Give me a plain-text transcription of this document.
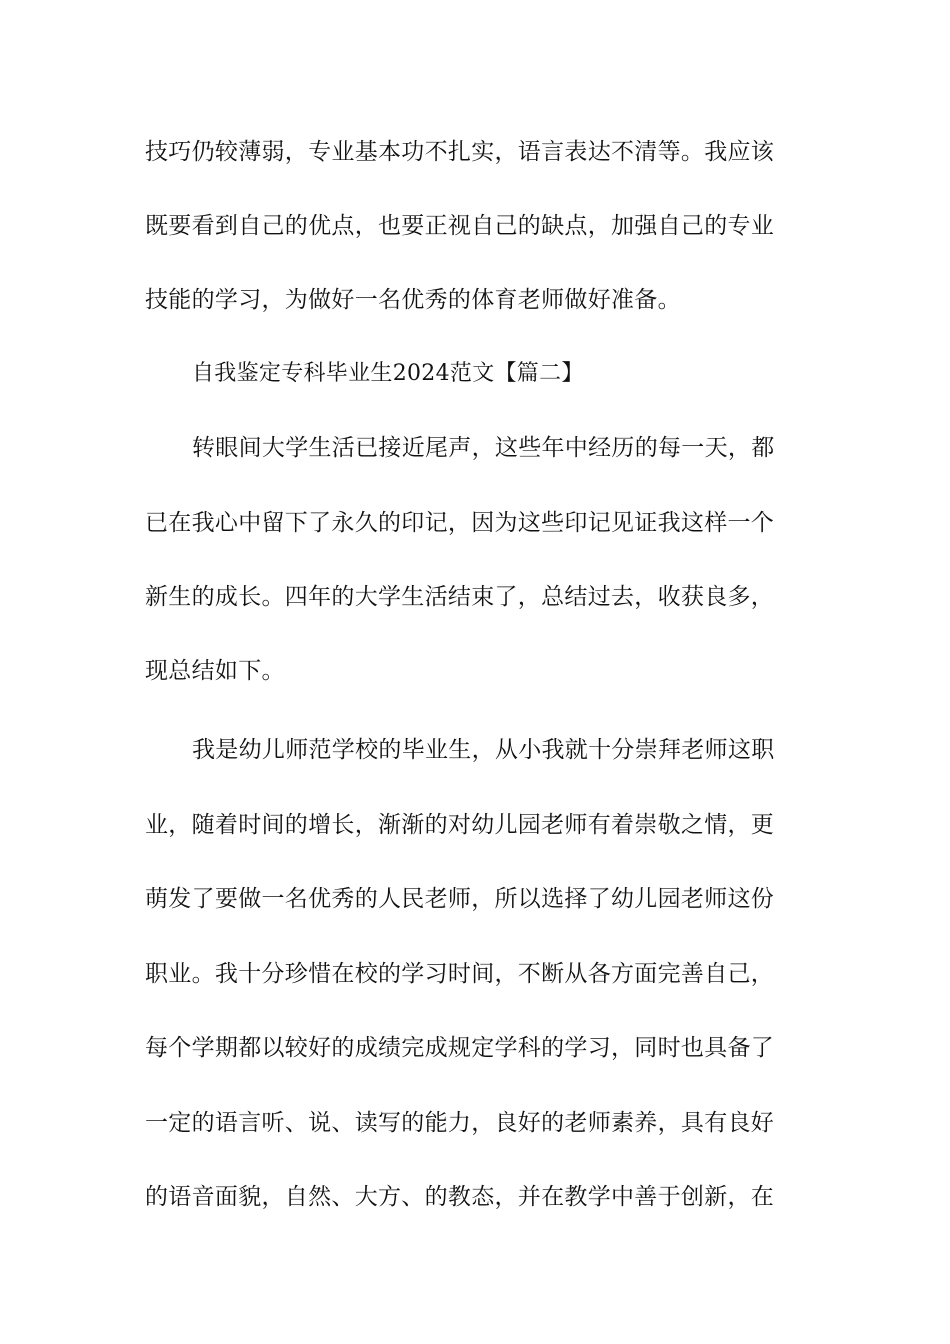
技巧仍较薄弱，专业基本功不扎实，语言表达不清等。我应该
既要看到自己的优点，也要正视自己的缺点，加强自己的专业
技能的学习，为做好一名优秀的体育老师做好准备。
自我鉴定专科毕业生2024范文【篇二】
转眼间大学生活已接近尾声，这些年中经历的每一天，都
已在我心中留下了永久的印记，因为这些印记见证我这样一个
新生的成长。四年的大学生活结束了，总结过去，收获良多，
现总结如下。
我是幼儿师范学校的毕业生，从小我就十分崇拜老师这职
业，随着时间的增长，渐渐的对幼儿园老师有着崇敬之情，更
萌发了要做一名优秀的人民老师，所以选择了幼儿园老师这份
职业。我十分珍惜在校的学习时间，不断从各方面完善自己，
每个学期都以较好的成绩完成规定学科的学习，同时也具备了
一定的语言听、说、读写的能力，良好的老师素养，具有良好
的语音面貌，自然、大方、的教态，并在教学中善于创新，在
